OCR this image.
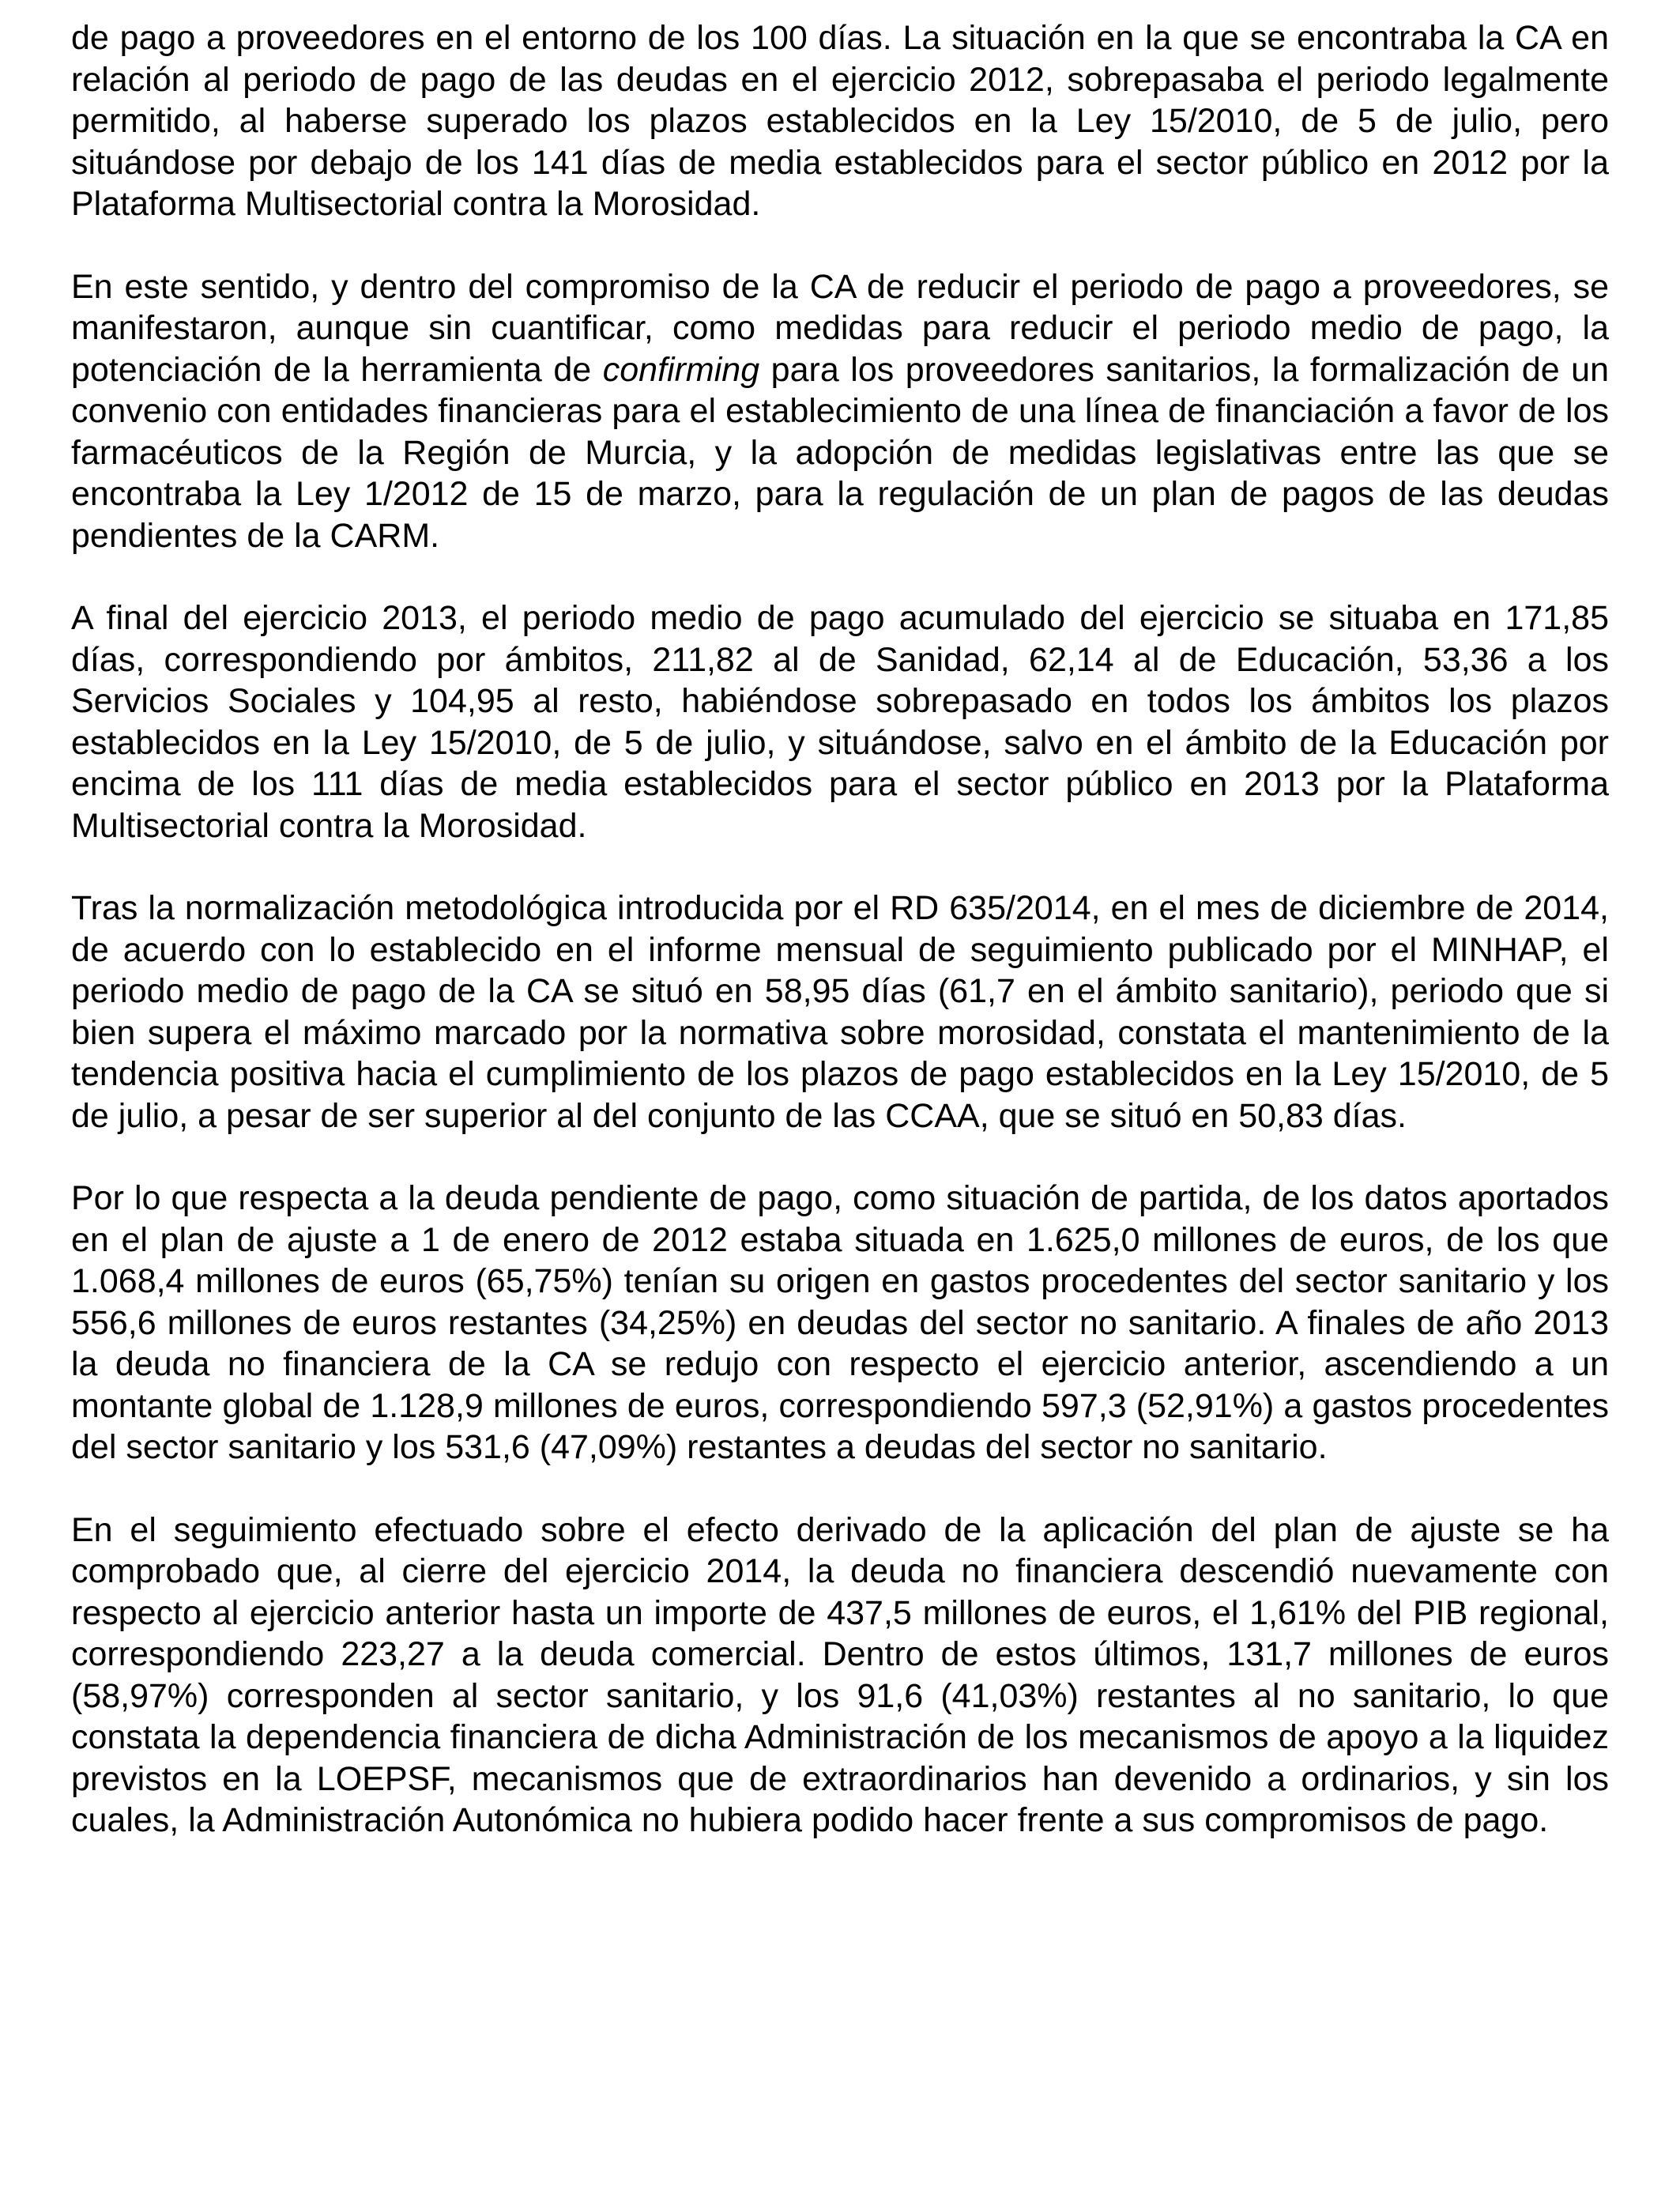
de pago a proveedores en el entorno de los 100 días. La situación en la que se encontraba la CA en relación al periodo de pago de las deudas en el ejercicio 2012, sobrepasaba el periodo legalmente permitido, al haberse superado los plazos establecidos en la Ley 15/2010, de 5 de julio, pero situándose por debajo de los 141 días de media establecidos para el sector público en 2012 por la Plataforma Multisectorial contra la Morosidad.

En este sentido, y dentro del compromiso de la CA de reducir el periodo de pago a proveedores, se manifestaron, aunque sin cuantificar, como medidas para reducir el periodo medio de pago, la potenciación de la herramienta de confirming para los proveedores sanitarios, la formalización de un convenio con entidades financieras para el establecimiento de una línea de financiación a favor de los farmacéuticos de la Región de Murcia, y la adopción de medidas legislativas entre las que se encontraba la Ley 1/2012 de 15 de marzo, para la regulación de un plan de pagos de las deudas pendientes de la CARM.

A final del ejercicio 2013, el periodo medio de pago acumulado del ejercicio se situaba en 171,85 días, correspondiendo por ámbitos, 211,82 al de Sanidad, 62,14 al de Educación, 53,36 a los Servicios Sociales y 104,95 al resto, habiéndose sobrepasado en todos los ámbitos los plazos establecidos en la Ley 15/2010, de 5 de julio, y situándose, salvo en el ámbito de la Educación por encima de los 111 días de media establecidos para el sector público en 2013 por la Plataforma Multisectorial contra la Morosidad.

Tras la normalización metodológica introducida por el RD 635/2014, en el mes de diciembre de 2014, de acuerdo con lo establecido en el informe mensual de seguimiento publicado por el MINHAP, el periodo medio de pago de la CA se situó en 58,95 días (61,7 en el ámbito sanitario), periodo que si bien supera el máximo marcado por la normativa sobre morosidad, constata el mantenimiento de la tendencia positiva hacia el cumplimiento de los plazos de pago establecidos en la Ley 15/2010, de 5 de julio, a pesar de ser superior al del conjunto de las CCAA, que se situó en 50,83 días.

Por lo que respecta a la deuda pendiente de pago, como situación de partida, de los datos aportados en el plan de ajuste a 1 de enero de 2012 estaba situada en 1.625,0 millones de euros, de los que 1.068,4 millones de euros (65,75%) tenían su origen en gastos procedentes del sector sanitario y los 556,6 millones de euros restantes (34,25%) en deudas del sector no sanitario. A finales de año 2013 la deuda no financiera de la CA se redujo con respecto el ejercicio anterior, ascendiendo a un montante global de 1.128,9 millones de euros, correspondiendo 597,3 (52,91%) a gastos procedentes del sector sanitario y los 531,6 (47,09%) restantes a deudas del sector no sanitario.

En el seguimiento efectuado sobre el efecto derivado de la aplicación del plan de ajuste se ha comprobado que, al cierre del ejercicio 2014, la deuda no financiera descendió nuevamente con respecto al ejercicio anterior hasta un importe de 437,5 millones de euros, el 1,61% del PIB regional, correspondiendo 223,27 a la deuda comercial. Dentro de estos últimos, 131,7 millones de euros (58,97%) corresponden al sector sanitario, y los 91,6 (41,03%) restantes al no sanitario, lo que constata la dependencia financiera de dicha Administración de los mecanismos de apoyo a la liquidez previstos en la LOEPSF, mecanismos que de extraordinarios han devenido a ordinarios, y sin los cuales, la Administración Autonómica no hubiera podido hacer frente a sus compromisos de pago.
